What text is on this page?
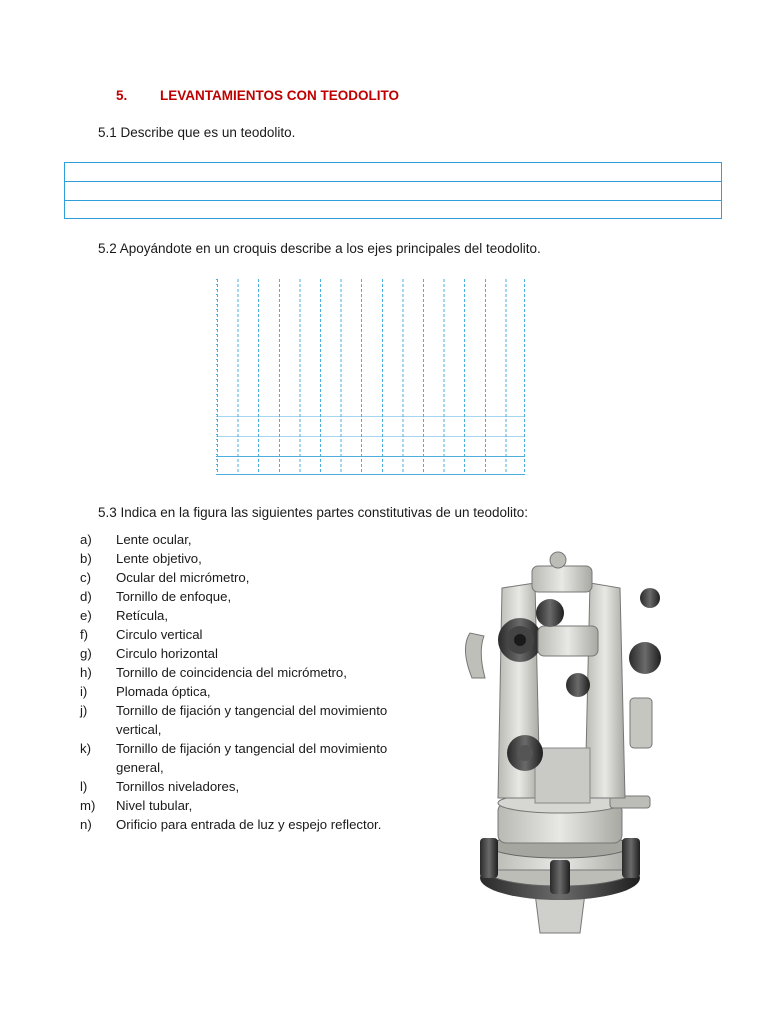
5. LEVANTAMIENTOS CON TEODOLITO
5.1 Describe que es un teodolito.
5.2 Apoyándote en un croquis describe a los ejes principales del teodolito.
5.3 Indica en la figura las siguientes partes constitutivas de un teodolito:
a) Lente ocular,
b) Lente objetivo,
c) Ocular del micrómetro,
d) Tornillo de enfoque,
e) Retícula,
f) Circulo vertical
g) Circulo horizontal
h) Tornillo de coincidencia del micrómetro,
i) Plomada óptica,
j) Tornillo de fijación y tangencial del movimiento vertical,
k) Tornillo de fijación y tangencial del movimiento general,
l) Tornillos niveladores,
m) Nivel tubular,
n) Orificio para entrada de luz y espejo reflector.
